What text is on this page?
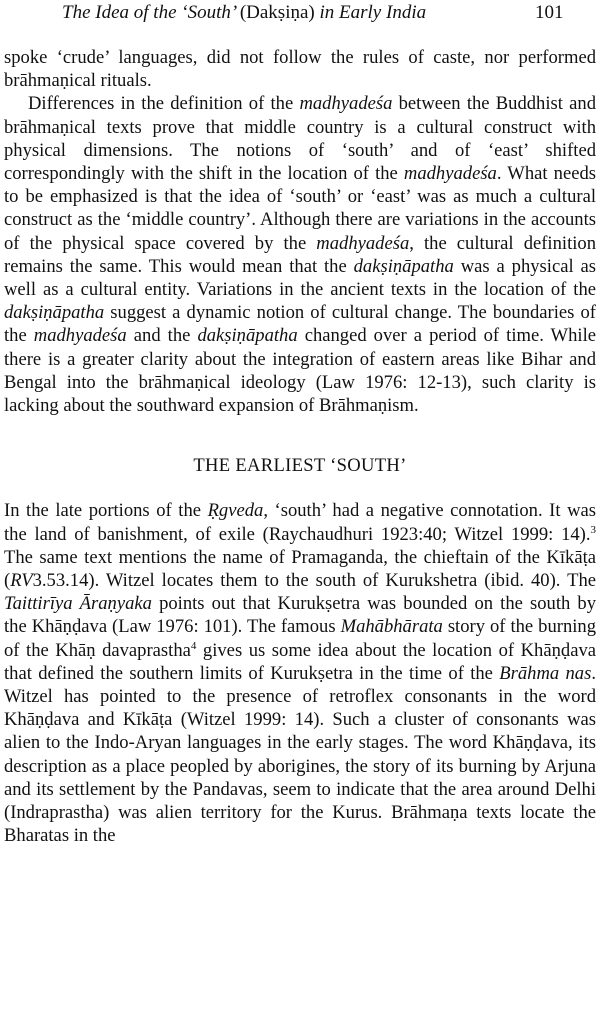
The Idea of the ‘South’ (Dakṣiṇa) in Early India	101

spoke ‘crude’ languages, did not follow the rules of caste, nor performed brāhmaṇical rituals.

Differences in the definition of the madhyadeśa between the Buddhist and brāhmaṇical texts prove that middle country is a cultural construct with physical dimensions. The notions of ‘south’ and of ‘east’ shifted correspondingly with the shift in the location of the madhyadeśa. What needs to be emphasized is that the idea of ‘south’ or ‘east’ was as much a cultural construct as the ‘middle country’. Although there are variations in the accounts of the physical space covered by the madhyadeśa, the cultural definition remains the same. This would mean that the dakṣiṇāpatha was a physical as well as a cultural entity. Variations in the ancient texts in the location of the dakṣiṇāpatha suggest a dynamic notion of cultural change. The boundaries of the madhyadeśa and the dakṣiṇāpatha changed over a period of time. While there is a greater clarity about the integration of eastern areas like Bihar and Bengal into the brāhmaṇical ideology (Law 1976: 12-13), such clarity is lacking about the southward expansion of Brāhmaṇism.

THE EARLIEST ‘SOUTH’

In the late portions of the Ṛgveda, ‘south’ had a negative connotation. It was the land of banishment, of exile (Raychaudhuri 1923:40; Witzel 1999: 14).$^3$ The same text mentions the name of Pramaganda, the chieftain of the Kīkāṭa (RV3.53.14). Witzel locates them to the south of Kurukshetra (ibid. 40). The Taittirīya Āraṇyaka points out that Kurukṣetra was bounded on the south by the Khāṇḍava (Law 1976: 101). The famous Mahābhārata story of the burning of the Khāṇ davaprastha$^4$ gives us some idea about the location of Khāṇḍava that defined the southern limits of Kurukṣetra in the time of the Brāhma nas. Witzel has pointed to the presence of retroflex consonants in the word Khāṇḍava and Kīkāṭa (Witzel 1999: 14). Such a cluster of consonants was alien to the Indo-Aryan languages in the early stages. The word Khāṇḍava, its description as a place peopled by aborigines, the story of its burning by Arjuna and its settlement by the Pandavas, seem to indicate that the area around Delhi (Indraprastha) was alien territory for the Kurus. Brāhmaṇa texts locate the Bharatas in the
